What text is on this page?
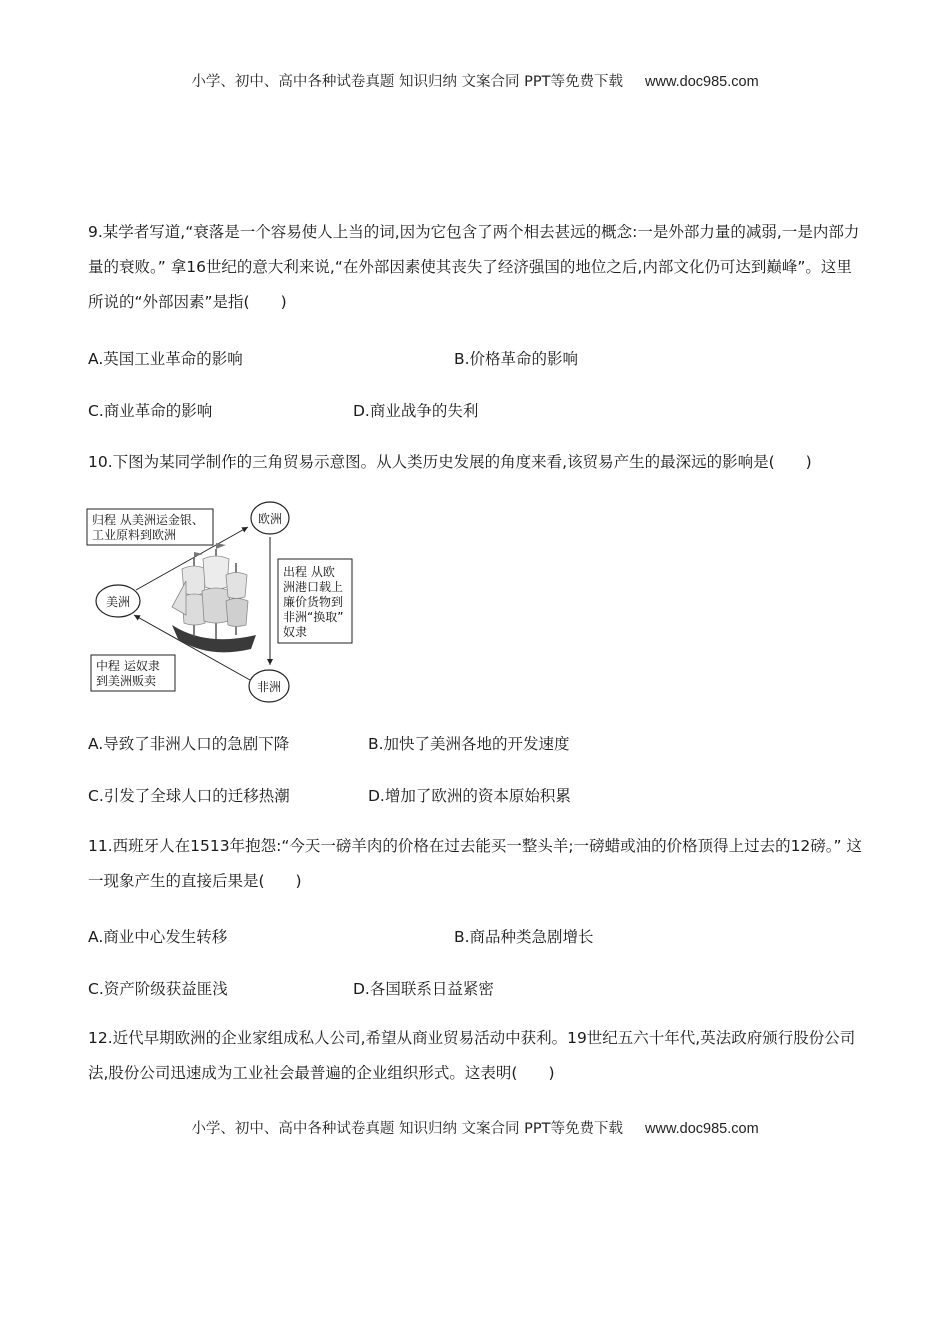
小学、初中、高中各种试卷真题 知识归纳 文案合同 PPT等免费下载 www.doc985.com
9.某学者写道,“衰落是一个容易使人上当的词,因为它包含了两个相去甚远的概念:一是外部力量的减弱,一是内部力量的衰败。” 拿16世纪的意大利来说,“在外部因素使其丧失了经济强国的地位之后,内部文化仍可达到巅峰”。这里所说的“外部因素”是指(　　)
A.英国工业革命的影响	B.价格革命的影响
C.商业革命的影响	D.商业战争的失利
10.下图为某同学制作的三角贸易示意图。从人类历史发展的角度来看,该贸易产生的最深远的影响是(　　)
归程 从美洲运金银、
工业原料到欧洲
欧洲
美洲
非洲
出程 从欧
洲港口载上
廉价货物到
非洲“换取”
奴隶
中程 运奴隶
到美洲贩卖
A.导致了非洲人口的急剧下降	B.加快了美洲各地的开发速度
C.引发了全球人口的迁移热潮	D.增加了欧洲的资本原始积累
11.西班牙人在1513年抱怨:“今天一磅羊肉的价格在过去能买一整头羊;一磅蜡或油的价格顶得上过去的12磅。” 这一现象产生的直接后果是(　　)
A.商业中心发生转移	B.商品种类急剧增长
C.资产阶级获益匪浅	D.各国联系日益紧密
12.近代早期欧洲的企业家组成私人公司,希望从商业贸易活动中获利。19世纪五六十年代,英法政府颁行股份公司法,股份公司迅速成为工业社会最普遍的企业组织形式。这表明(　　)
小学、初中、高中各种试卷真题 知识归纳 文案合同 PPT等免费下载 www.doc985.com
